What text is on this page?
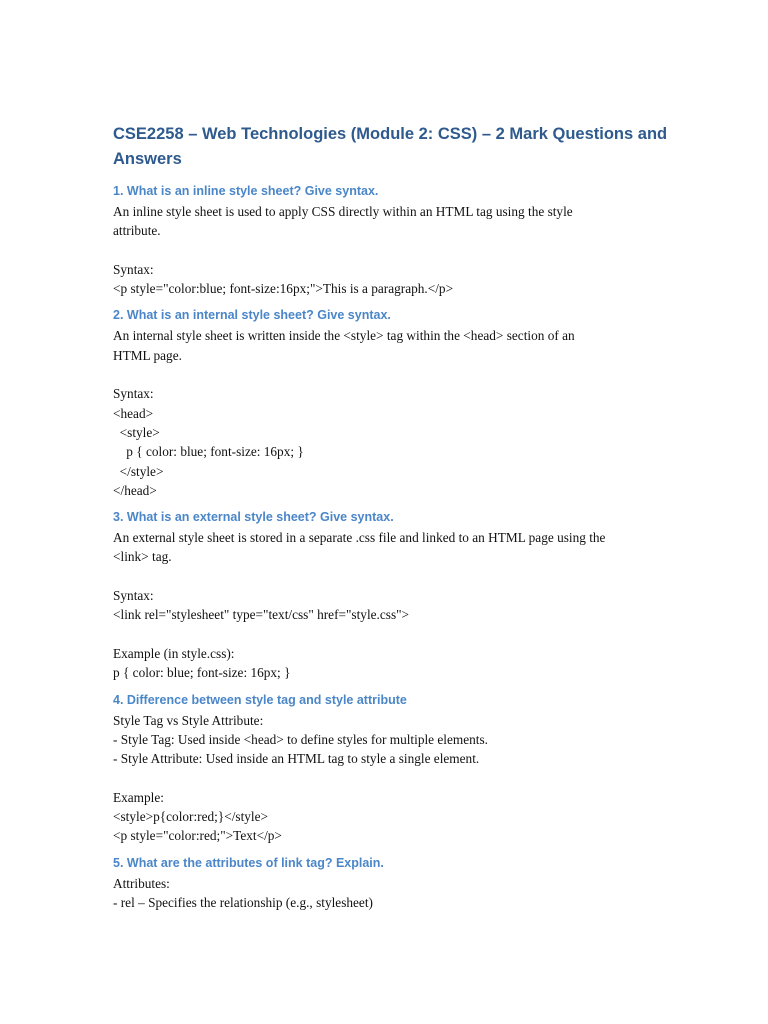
CSE2258 – Web Technologies (Module 2: CSS) – 2 Mark Questions and Answers
1. What is an inline style sheet? Give syntax.
An inline style sheet is used to apply CSS directly within an HTML tag using the style
attribute.
Syntax:
<p style="color:blue; font-size:16px;">This is a paragraph.</p>
2. What is an internal style sheet? Give syntax.
An internal style sheet is written inside the <style> tag within the <head> section of an
HTML page.
Syntax:
<head>
<style>
p { color: blue; font-size: 16px; }
</style>
</head>
3. What is an external style sheet? Give syntax.
An external style sheet is stored in a separate .css file and linked to an HTML page using the
<link> tag.
Syntax:
<link rel="stylesheet" type="text/css" href="style.css">
Example (in style.css):
p { color: blue; font-size: 16px; }
4. Difference between style tag and style attribute
Style Tag vs Style Attribute:
- Style Tag: Used inside <head> to define styles for multiple elements.
- Style Attribute: Used inside an HTML tag to style a single element.
Example:
<style>p{color:red;}</style>
<p style="color:red;">Text</p>
5. What are the attributes of link tag? Explain.
Attributes:
- rel – Specifies the relationship (e.g., stylesheet)
